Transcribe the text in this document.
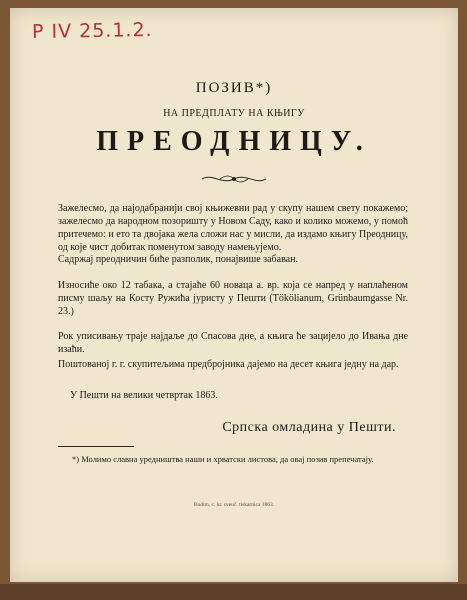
P IV 25.1.2.
ПОЗИВ*)
НА ПРЕДПЛАТУ НА КЊИГУ
ПРЕОДНИЦУ.
Зажелесмо, да најодабранији свој књижевни рад у скупу нашем свету покажемо; зажелесмо да народном позоришту у Новом Саду, како и колико можемо, у помоћ притечемо: и ето та двојака жела сложи нас у мисли, да издамо књигу Преодницу, од које чист добитак поменутом заводу намењујемо.
Садржај преодничин биће разполик, понајвише забаван.
Износиће око 12 табака, а стајаће 60 новаца а. вр. која се напред у наплаћеном писму шаљу на Косту Ружића јуристу у Пешти (Tökölianum, Grünbaumgasse Nr. 23.)
Рок уписивању траје најдаље до Спасова дне, а књига ће зацијело до Ивања дне изаћи.
Поштованој г. г. скупитељима предбројника дајемо на десет књига једну на дар.
У Пешти на велики четвртак 1863.
Српска омладина у Пешти.
*) Молимо славна уредништва наши и хрватски листова, да овај позив препечатају.
Budim, c. kr. sveuč. tiskarnica 1863.
